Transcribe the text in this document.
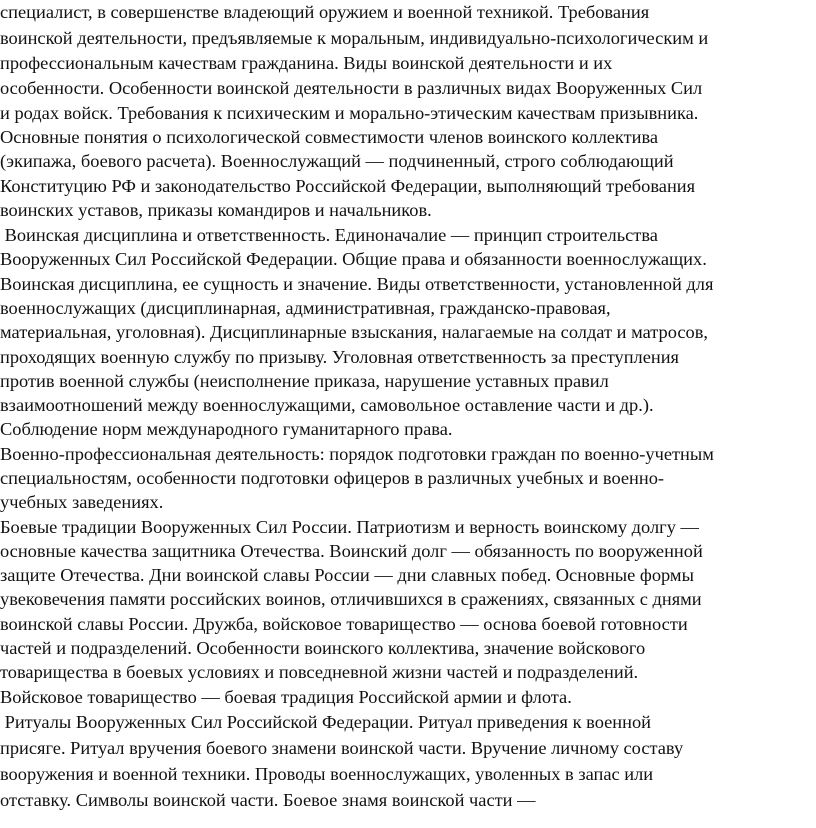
специалист, в совершенстве владеющий оружием и военной техникой. Требования
воинской деятельности, предъявляемые к моральным, индивидуально-психологическим и
профессиональным качествам гражданина. Виды воинской деятельности и их
особенности. Особенности воинской деятельности в различных видах Вооруженных Сил
и родах войск. Требования к психическим и морально-этическим качествам призывника.
Основные понятия о психологической совместимости членов воинского коллектива
(экипажа, боевого расчета). Военнослужащий — подчиненный, строго соблюдающий
Конституцию РФ и законодательство Российской Федерации, выполняющий требования
воинских уставов, приказы командиров и начальников.
Воинская дисциплина и ответственность. Единоначалие — принцип строительства
Вооруженных Сил Российской Федерации. Общие права и обязанности военнослужащих.
Воинская дисциплина, ее сущность и значение. Виды ответственности, установленной для
военнослужащих (дисциплинарная, административная, гражданско-правовая,
материальная, уголовная). Дисциплинарные взыскания, налагаемые на солдат и матросов,
проходящих военную службу по призыву. Уголовная ответственность за преступления
против военной службы (неисполнение приказа, нарушение уставных правил
взаимоотношений между военнослужащими, самовольное оставление части и др.).
Соблюдение норм международного гуманитарного права.
Военно-профессиональная деятельность: порядок подготовки граждан по военно-учетным
специальностям, особенности подготовки офицеров в различных учебных и военно-
учебных заведениях.
Боевые традиции Вооруженных Сил России. Патриотизм и верность воинскому долгу —
основные качества защитника Отечества. Воинский долг — обязанность по вооруженной
защите Отечества. Дни воинской славы России — дни славных побед. Основные формы
увековечения памяти российских воинов, отличившихся в сражениях, связанных с днями
воинской славы России. Дружба, войсковое товарищество — основа боевой готовности
частей и подразделений. Особенности воинского коллектива, значение войскового
товарищества в боевых условиях и повседневной жизни частей и подразделений.
Войсковое товарищество — боевая традиция Российской армии и флота.
Ритуалы Вооруженных Сил Российской Федерации. Ритуал приведения к военной
присяге. Ритуал вручения боевого знамени воинской части. Вручение личному составу
вооружения и военной техники. Проводы военнослужащих, уволенных в запас или
отставку. Символы воинской части. Боевое знамя воинской части —
